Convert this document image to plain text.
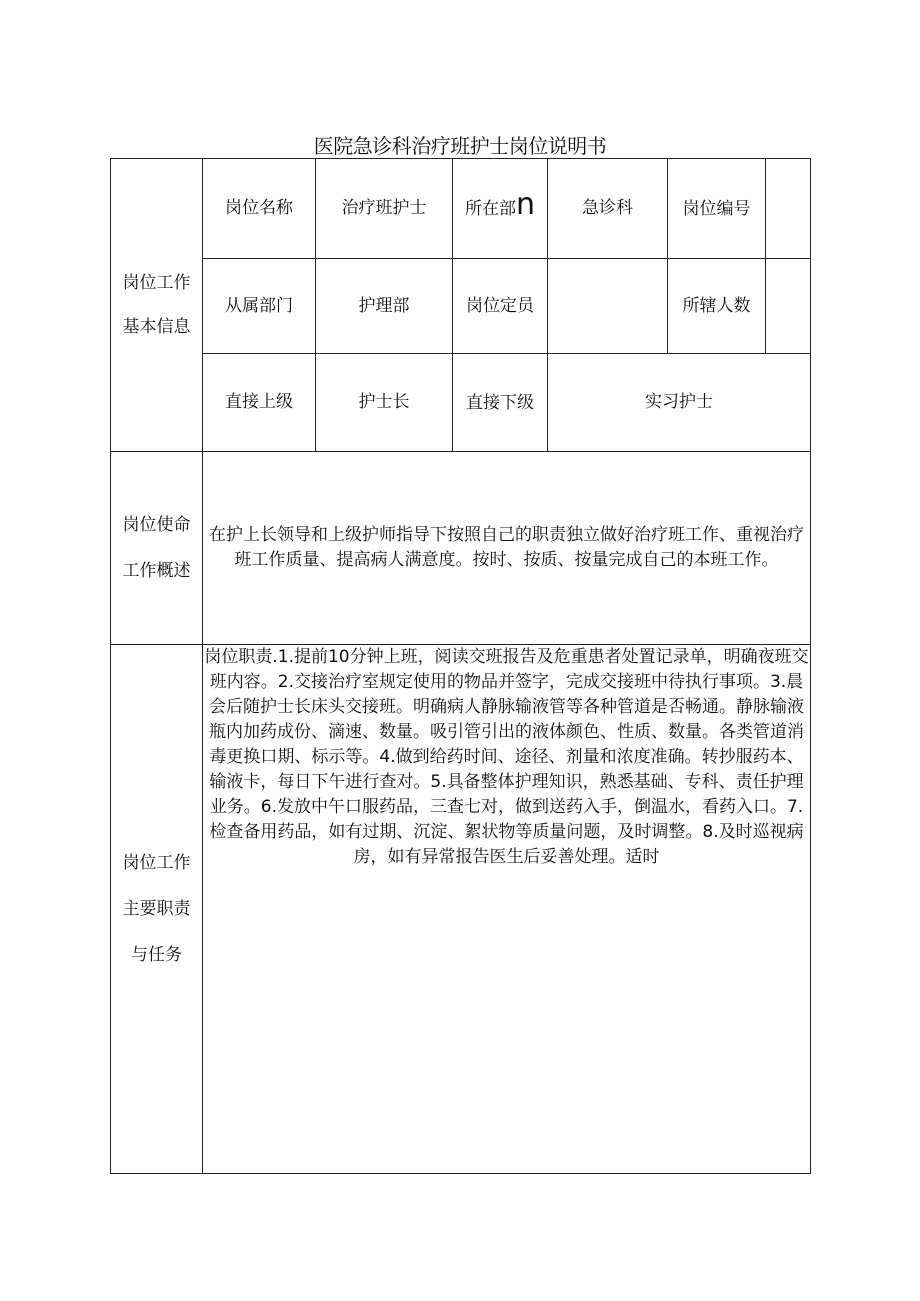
医院急诊科治疗班护士岗位说明书
岗位工作基本信息	岗位名称	治疗班护士	所在部n	急诊科	岗位编号	

	从属部门	护理部	岗位定员		所辖人数	

	直接上级	护士长	直接下级	实习护士		

岗位使命工作概述	在护上长领导和上级护师指导下按照自己的职责独立做好治疗班工作、重视治疗班工作质量、提高病人满意度。按时、按质、按量完成自己的本班工作。					

岗位工作主要职责与任务	岗位职责.1.提前10分钟上班，阅读交班报告及危重患者处置记录单，明确夜班交班内容。2.交接治疗室规定使用的物品并签字，完成交接班中待执行事项。3.晨会后随护士长床头交接班。明确病人静脉输液管等各种管道是否畅通。静脉输液瓶内加药成份、滴速、数量。吸引管引出的液体颜色、性质、数量。各类管道消毒更换口期、标示等。4.做到给药时间、途径、剂量和浓度准确。转抄服药本、输液卡，每日下午进行查对。5.具备整体护理知识，熟悉基础、专科、责任护理业务。6.发放中午口服药品，三查七对，做到送药入手，倒温水，看药入口。7.检查备用药品，如有过期、沉淀、絮状物等质量问题，及时调整。8.及时巡视病房，如有异常报告医生后妥善处理。适时					
